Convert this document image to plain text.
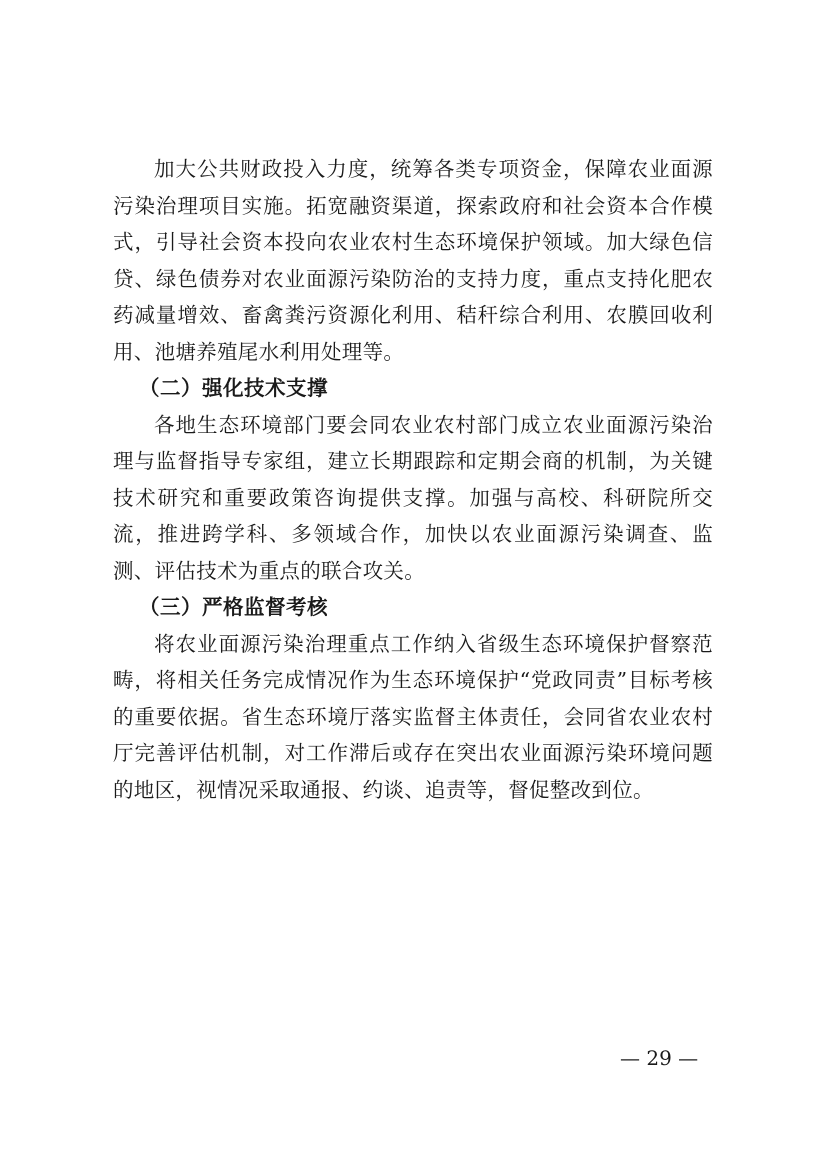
加大公共财政投入力度，统筹各类专项资金，保障农业面源污染治理项目实施。拓宽融资渠道，探索政府和社会资本合作模式，引导社会资本投向农业农村生态环境保护领域。加大绿色信贷、绿色债券对农业面源污染防治的支持力度，重点支持化肥农药减量增效、畜禽粪污资源化利用、秸秆综合利用、农膜回收利用、池塘养殖尾水利用处理等。

（二）强化技术支撑

各地生态环境部门要会同农业农村部门成立农业面源污染治理与监督指导专家组，建立长期跟踪和定期会商的机制，为关键技术研究和重要政策咨询提供支撑。加强与高校、科研院所交流，推进跨学科、多领域合作，加快以农业面源污染调查、监测、评估技术为重点的联合攻关。

（三）严格监督考核

将农业面源污染治理重点工作纳入省级生态环境保护督察范畴，将相关任务完成情况作为生态环境保护“党政同责”目标考核的重要依据。省生态环境厅落实监督主体责任，会同省农业农村厅完善评估机制，对工作滞后或存在突出农业面源污染环境问题的地区，视情况采取通报、约谈、追责等，督促整改到位。

— 29 —
